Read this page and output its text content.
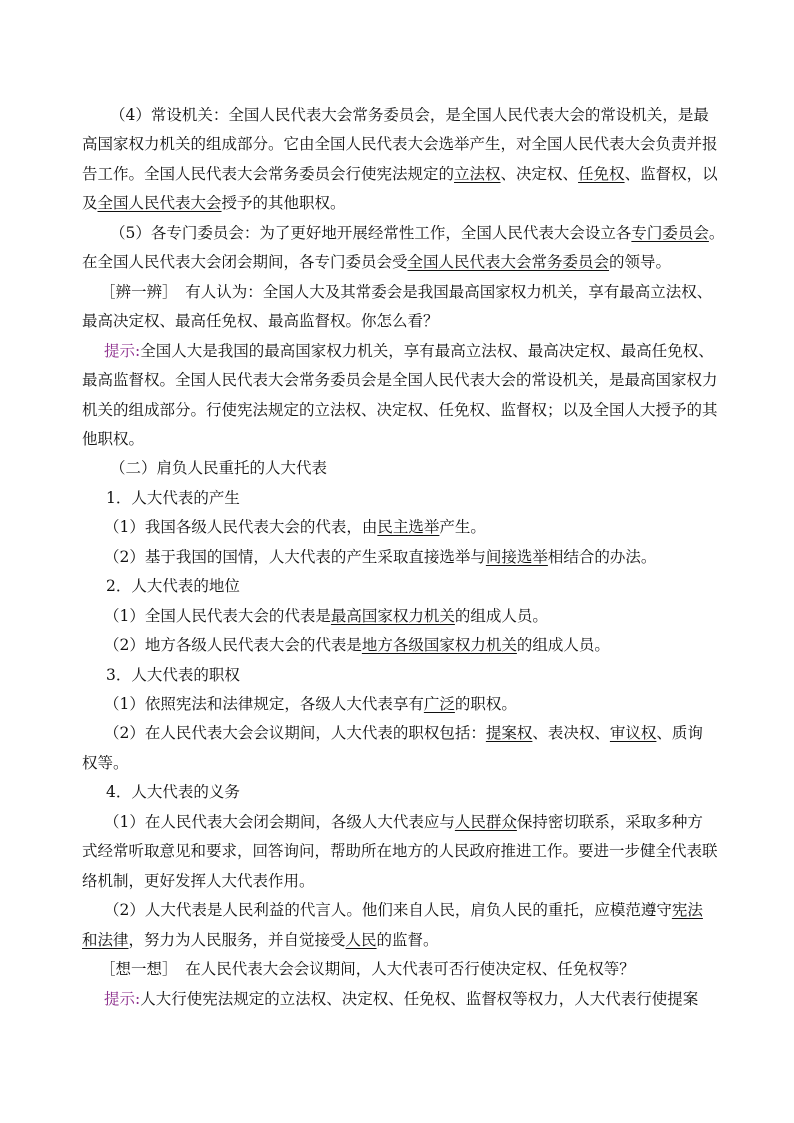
（4）常设机关：全国人民代表大会常务委员会，是全国人民代表大会的常设机关，是最
高国家权力机关的组成部分。它由全国人民代表大会选举产生，对全国人民代表大会负责并报
告工作。全国人民代表大会常务委员会行使宪法规定的立法权、决定权、任免权、监督权，以
及全国人民代表大会授予的其他职权。
（5）各专门委员会：为了更好地开展经常性工作，全国人民代表大会设立各专门委员会。
在全国人民代表大会闭会期间，各专门委员会受全国人民代表大会常务委员会的领导。
［辨一辨］　有人认为：全国人大及其常委会是我国最高国家权力机关，享有最高立法权、
最高决定权、最高任免权、最高监督权。你怎么看？
提示:全国人大是我国的最高国家权力机关，享有最高立法权、最高决定权、最高任免权、
最高监督权。全国人民代表大会常务委员会是全国人民代表大会的常设机关，是最高国家权力
机关的组成部分。行使宪法规定的立法权、决定权、任免权、监督权；以及全国人大授予的其
他职权。
（二）肩负人民重托的人大代表
1．人大代表的产生
（1）我国各级人民代表大会的代表，由民主选举产生。
（2）基于我国的国情，人大代表的产生采取直接选举与间接选举相结合的办法。
2．人大代表的地位
（1）全国人民代表大会的代表是最高国家权力机关的组成人员。
（2）地方各级人民代表大会的代表是地方各级国家权力机关的组成人员。
3．人大代表的职权
（1）依照宪法和法律规定，各级人大代表享有广泛的职权。
（2）在人民代表大会会议期间，人大代表的职权包括：提案权、表决权、审议权、质询
权等。
4．人大代表的义务
（1）在人民代表大会闭会期间，各级人大代表应与人民群众保持密切联系，采取多种方
式经常听取意见和要求，回答询问，帮助所在地方的人民政府推进工作。要进一步健全代表联
络机制，更好发挥人大代表作用。
（2）人大代表是人民利益的代言人。他们来自人民，肩负人民的重托，应模范遵守宪法
和法律，努力为人民服务，并自觉接受人民的监督。
［想一想］　在人民代表大会会议期间，人大代表可否行使决定权、任免权等？
提示:人大行使宪法规定的立法权、决定权、任免权、监督权等权力，人大代表行使提案
